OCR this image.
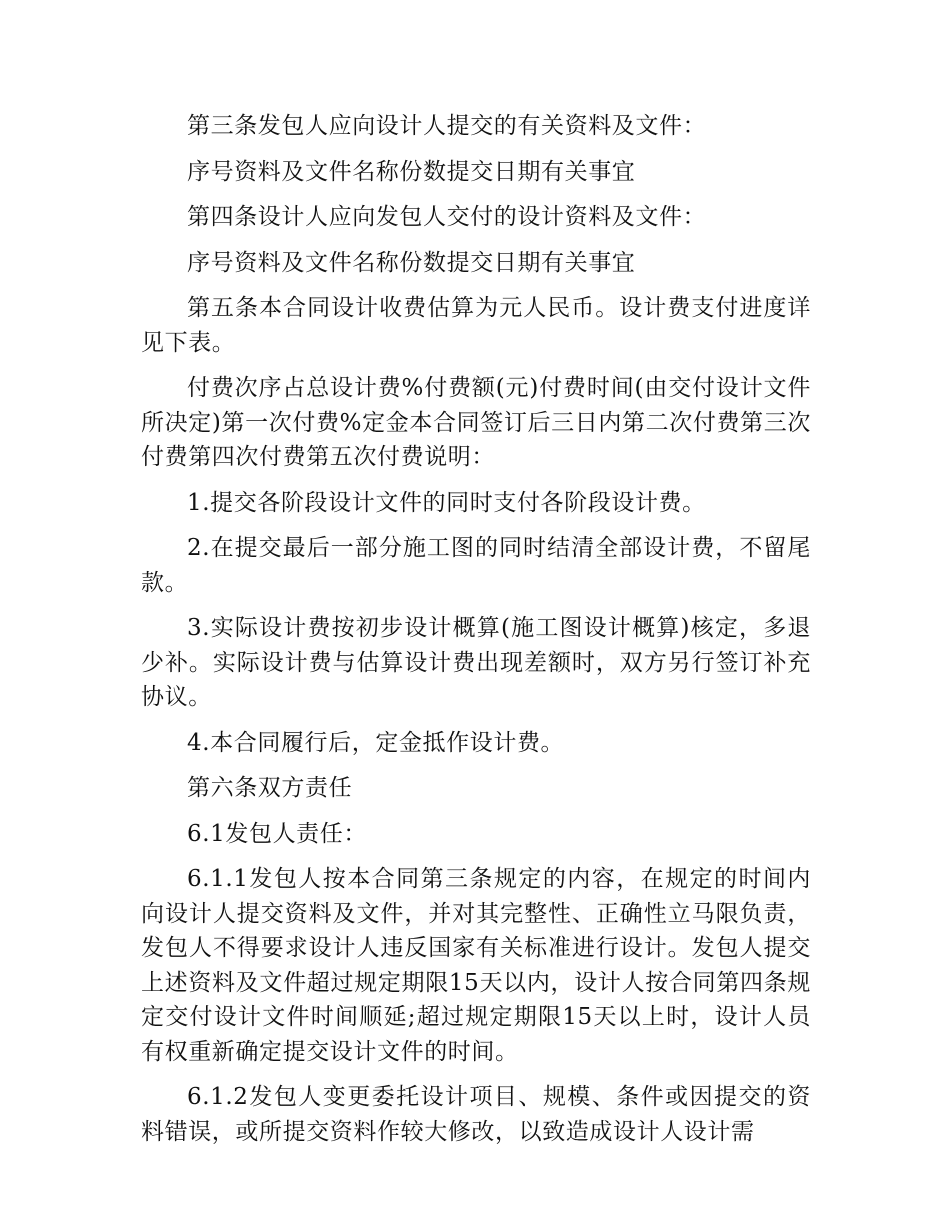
第三条发包人应向设计人提交的有关资料及文件：

序号资料及文件名称份数提交日期有关事宜

第四条设计人应向发包人交付的设计资料及文件：

序号资料及文件名称份数提交日期有关事宜

第五条本合同设计收费估算为元人民币。设计费支付进度详见下表。

付费次序占总设计费%付费额(元)付费时间(由交付设计文件所决定)第一次付费%定金本合同签订后三日内第二次付费第三次付费第四次付费第五次付费说明：

1.提交各阶段设计文件的同时支付各阶段设计费。

2.在提交最后一部分施工图的同时结清全部设计费，不留尾款。

3.实际设计费按初步设计概算(施工图设计概算)核定，多退少补。实际设计费与估算设计费出现差额时，双方另行签订补充协议。

4.本合同履行后，定金抵作设计费。

第六条双方责任

6.1发包人责任：

6.1.1发包人按本合同第三条规定的内容，在规定的时间内向设计人提交资料及文件，并对其完整性、正确性立马限负责，发包人不得要求设计人违反国家有关标准进行设计。发包人提交上述资料及文件超过规定期限15天以内，设计人按合同第四条规定交付设计文件时间顺延;超过规定期限15天以上时，设计人员有权重新确定提交设计文件的时间。

6.1.2发包人变更委托设计项目、规模、条件或因提交的资料错误，或所提交资料作较大修改，以致造成设计人设计需
